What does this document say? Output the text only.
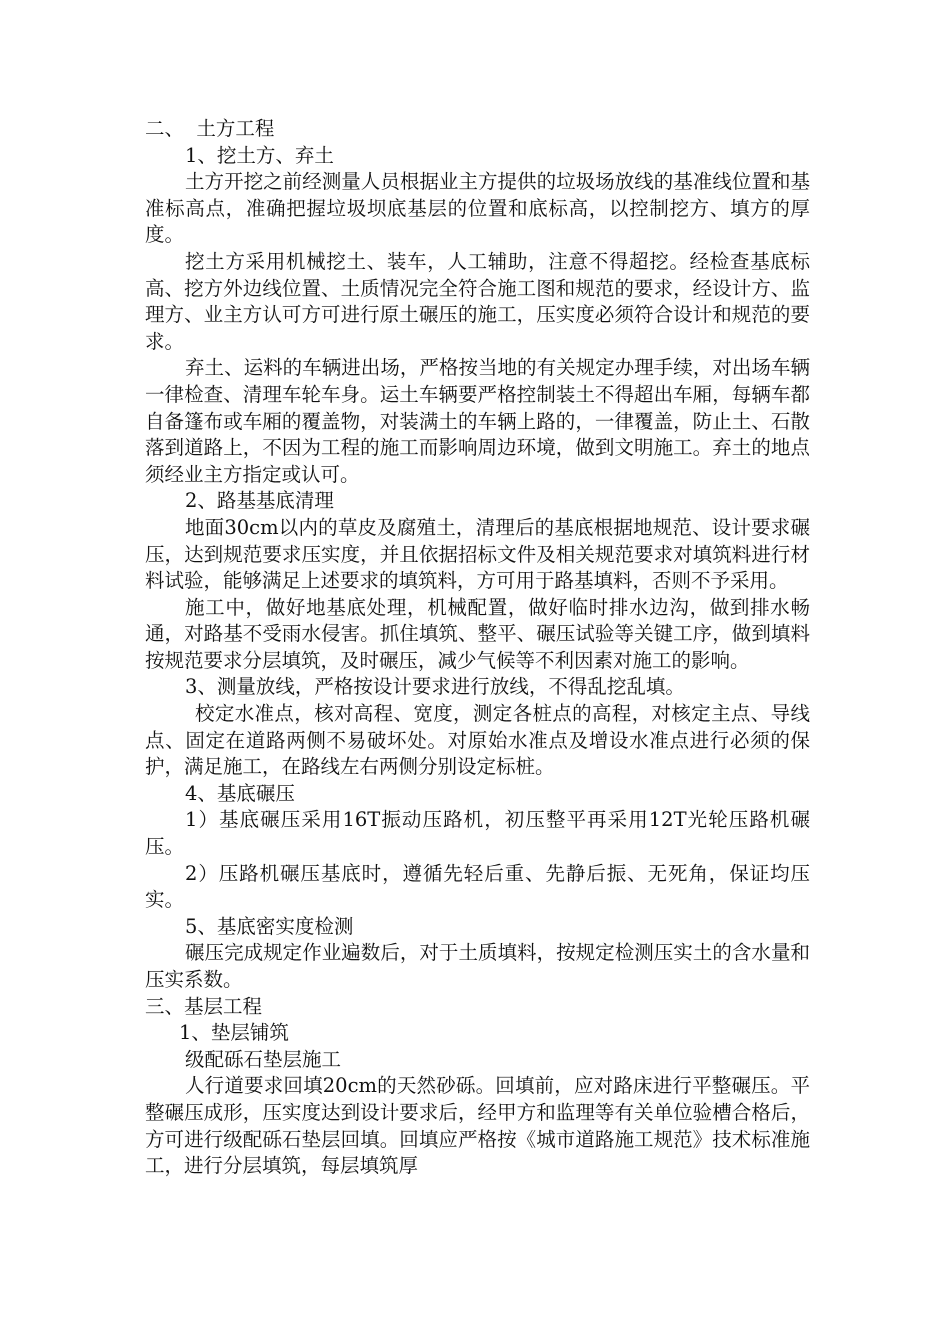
二、  土方工程

1、挖土方、弃土

土方开挖之前经测量人员根据业主方提供的垃圾场放线的基准线位置和基准标高点，准确把握垃圾坝底基层的位置和底标高，以控制挖方、填方的厚度。

挖土方采用机械挖土、装车，人工辅助，注意不得超挖。经检查基底标高、挖方外边线位置、土质情况完全符合施工图和规范的要求，经设计方、监理方、业主方认可方可进行原土碾压的施工，压实度必须符合设计和规范的要求。

弃土、运料的车辆进出场，严格按当地的有关规定办理手续，对出场车辆一律检查、清理车轮车身。运土车辆要严格控制装土不得超出车厢，每辆车都自备篷布或车厢的覆盖物，对装满土的车辆上路的，一律覆盖，防止土、石散落到道路上，不因为工程的施工而影响周边环境，做到文明施工。弃土的地点须经业主方指定或认可。

2、路基基底清理

地面30cm以内的草皮及腐殖土，清理后的基底根据地规范、设计要求碾压，达到规范要求压实度，并且依据招标文件及相关规范要求对填筑料进行材料试验，能够满足上述要求的填筑料，方可用于路基填料，否则不予采用。

施工中，做好地基底处理，机械配置，做好临时排水边沟，做到排水畅通，对路基不受雨水侵害。抓住填筑、整平、碾压试验等关键工序，做到填料按规范要求分层填筑，及时碾压，减少气候等不利因素对施工的影响。

3、测量放线，严格按设计要求进行放线，不得乱挖乱填。

校定水准点，核对高程、宽度，测定各桩点的高程，对核定主点、导线点、固定在道路两侧不易破坏处。对原始水准点及增设水准点进行必须的保护，满足施工，在路线左右两侧分别设定标桩。

4、基底碾压

1）基底碾压采用16T振动压路机，初压整平再采用12T光轮压路机碾压。

2）压路机碾压基底时，遵循先轻后重、先静后振、无死角，保证均压实。

5、基底密实度检测

碾压完成规定作业遍数后，对于土质填料，按规定检测压实土的含水量和压实系数。

三、基层工程

1、垫层铺筑

级配砾石垫层施工

人行道要求回填20cm的天然砂砾。回填前，应对路床进行平整碾压。平整碾压成形，压实度达到设计要求后，经甲方和监理等有关单位验槽合格后，方可进行级配砾石垫层回填。回填应严格按《城市道路施工规范》技术标准施工，进行分层填筑，每层填筑厚
